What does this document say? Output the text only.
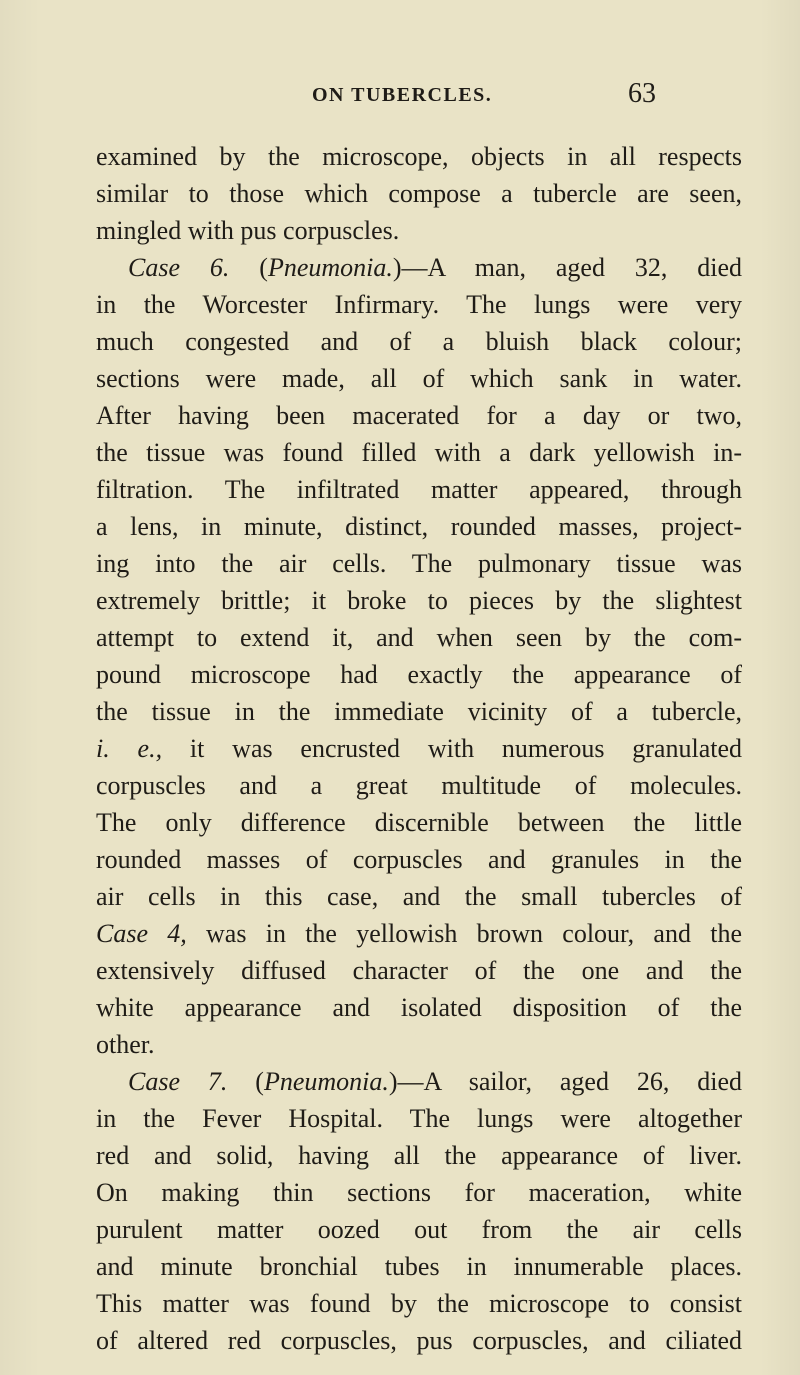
ON TUBERCLES.	63
examined by the microscope, objects in all respects
similar to those which compose a tubercle are seen,
mingled with pus corpuscles.
Case 6. (Pneumonia.)—A man, aged 32, died
in the Worcester Infirmary. The lungs were very
much congested and of a bluish black colour;
sections were made, all of which sank in water.
After having been macerated for a day or two,
the tissue was found filled with a dark yellowish in-
filtration. The infiltrated matter appeared, through
a lens, in minute, distinct, rounded masses, project-
ing into the air cells. The pulmonary tissue was
extremely brittle; it broke to pieces by the slightest
attempt to extend it, and when seen by the com-
pound microscope had exactly the appearance of
the tissue in the immediate vicinity of a tubercle,
i. e., it was encrusted with numerous granulated
corpuscles and a great multitude of molecules.
The only difference discernible between the little
rounded masses of corpuscles and granules in the
air cells in this case, and the small tubercles of
Case 4, was in the yellowish brown colour, and the
extensively diffused character of the one and the
white appearance and isolated disposition of the
other.
Case 7. (Pneumonia.)—A sailor, aged 26, died
in the Fever Hospital. The lungs were altogether
red and solid, having all the appearance of liver.
On making thin sections for maceration, white
purulent matter oozed out from the air cells
and minute bronchial tubes in innumerable places.
This matter was found by the microscope to consist
of altered red corpuscles, pus corpuscles, and ciliated
